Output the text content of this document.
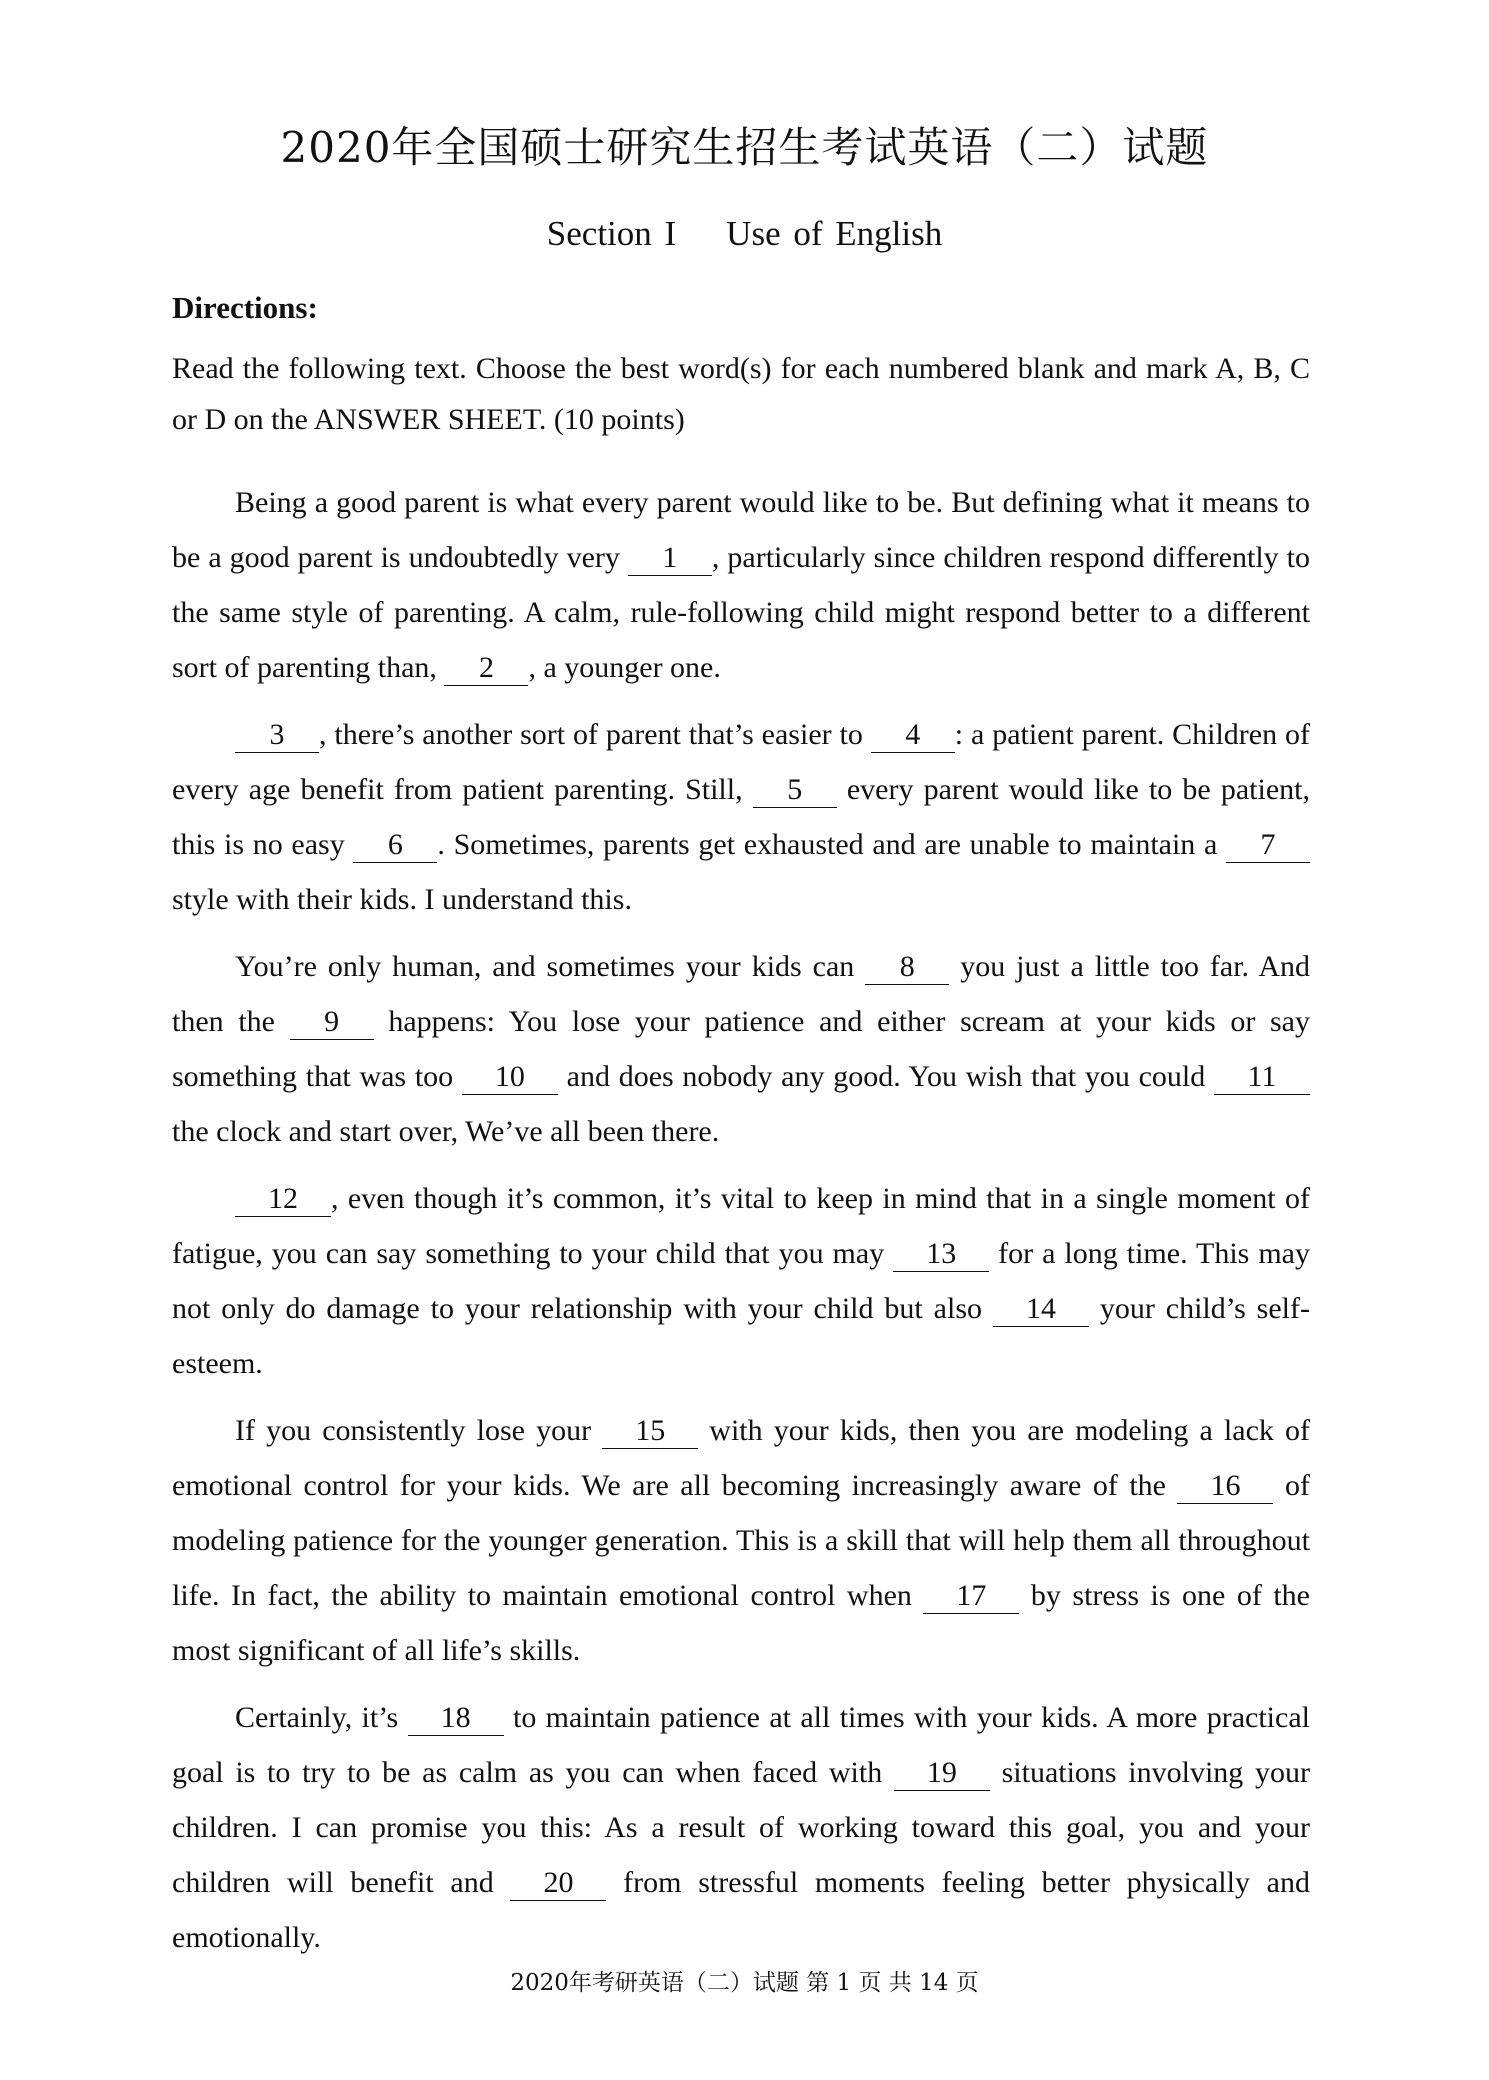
2020年全国硕士研究生招生考试英语（二）试题
Section I Use of English
Directions:
Read the following text. Choose the best word(s) for each numbered blank and mark A, B, C or D on the ANSWER SHEET. (10 points)

Being a good parent is what every parent would like to be. But defining what it means to be a good parent is undoubtedly very 1 , particularly since children respond differently to the same style of parenting. A calm, rule-following child might respond better to a different sort of parenting than, 2 , a younger one.

3 , there’s another sort of parent that’s easier to 4 : a patient parent. Children of every age benefit from patient parenting. Still, 5 every parent would like to be patient, this is no easy 6 . Sometimes, parents get exhausted and are unable to maintain a 7 style with their kids. I understand this.

You’re only human, and sometimes your kids can 8 you just a little too far. And then the 9 happens: You lose your patience and either scream at your kids or say something that was too 10 and does nobody any good. You wish that you could 11 the clock and start over, We’ve all been there.

12 , even though it’s common, it’s vital to keep in mind that in a single moment of fatigue, you can say something to your child that you may 13 for a long time. This may not only do damage to your relationship with your child but also 14 your child’s self-esteem.

If you consistently lose your 15 with your kids, then you are modeling a lack of emotional control for your kids. We are all becoming increasingly aware of the 16 of modeling patience for the younger generation. This is a skill that will help them all throughout life. In fact, the ability to maintain emotional control when 17 by stress is one of the most significant of all life’s skills.

Certainly, it’s 18 to maintain patience at all times with your kids. A more practical goal is to try to be as calm as you can when faced with 19 situations involving your children. I can promise you this: As a result of working toward this goal, you and your children will benefit and 20 from stressful moments feeling better physically and emotionally.

2020年考研英语（二）试题 第 1 页 共 14 页
